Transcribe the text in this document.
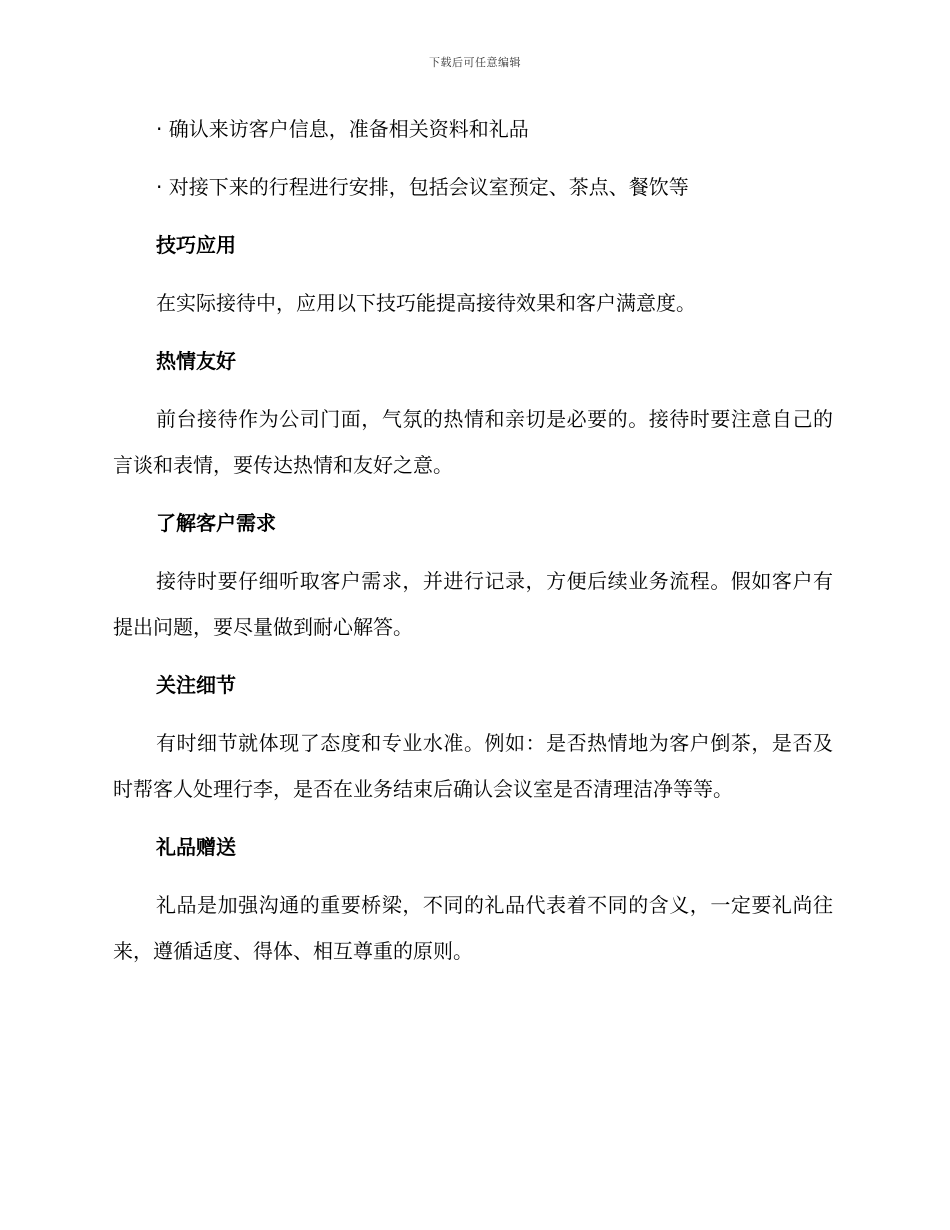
下载后可任意编辑

· 确认来访客户信息，准备相关资料和礼品

· 对接下来的行程进行安排，包括会议室预定、茶点、餐饮等

技巧应用

在实际接待中，应用以下技巧能提高接待效果和客户满意度。

热情友好

前台接待作为公司门面，气氛的热情和亲切是必要的。接待时要注意自己的言谈和表情，要传达热情和友好之意。

了解客户需求

接待时要仔细听取客户需求，并进行记录，方便后续业务流程。假如客户有提出问题，要尽量做到耐心解答。

关注细节

有时细节就体现了态度和专业水准。例如：是否热情地为客户倒茶，是否及时帮客人处理行李，是否在业务结束后确认会议室是否清理洁净等等。

礼品赠送

礼品是加强沟通的重要桥梁，不同的礼品代表着不同的含义，一定要礼尚往来，遵循适度、得体、相互尊重的原则。
